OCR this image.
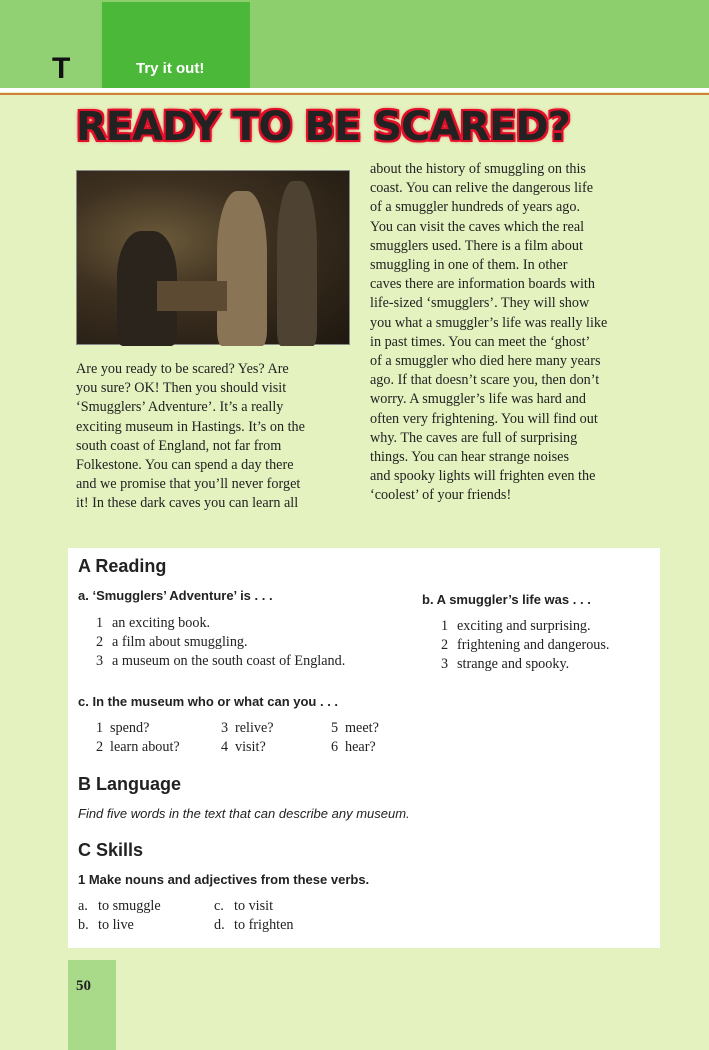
T	Try it out!
READY TO BE SCARED?
Are you ready to be scared? Yes? Are
you sure? OK! Then you should visit
‘Smugglers’ Adventure’. It’s a really
exciting museum in Hastings. It’s on the
south coast of England, not far from
Folkestone. You can spend a day there
and we promise that you’ll never forget
it! In these dark caves you can learn all
about the history of smuggling on this
coast. You can relive the dangerous life
of a smuggler hundreds of years ago.
You can visit the caves which the real
smugglers used. There is a film about
smuggling in one of them. In other
caves there are information boards with
life-sized ‘smugglers’. They will show
you what a smuggler’s life was really like
in past times. You can meet the ‘ghost’
of a smuggler who died here many years
ago. If that doesn’t scare you, then don’t
worry. A smuggler’s life was hard and
often very frightening. You will find out
why. The caves are full of surprising
things. You can hear strange noises
and spooky lights will frighten even the
‘coolest’ of your friends!
A Reading
a. ‘Smugglers’ Adventure’ is . . .
1 an exciting book.
2 a film about smuggling.
3 a museum on the south coast of England.
b. A smuggler’s life was . . .
1 exciting and surprising.
2 frightening and dangerous.
3 strange and spooky.
c. In the museum who or what can you . . .
1 spend?
2 learn about?
3 relive?
4 visit?
5 meet?
6 hear?
B Language
Find five words in the text that can describe any museum.
C Skills
1 Make nouns and adjectives from these verbs.
a. to smuggle
b. to live
c. to visit
d. to frighten
50
